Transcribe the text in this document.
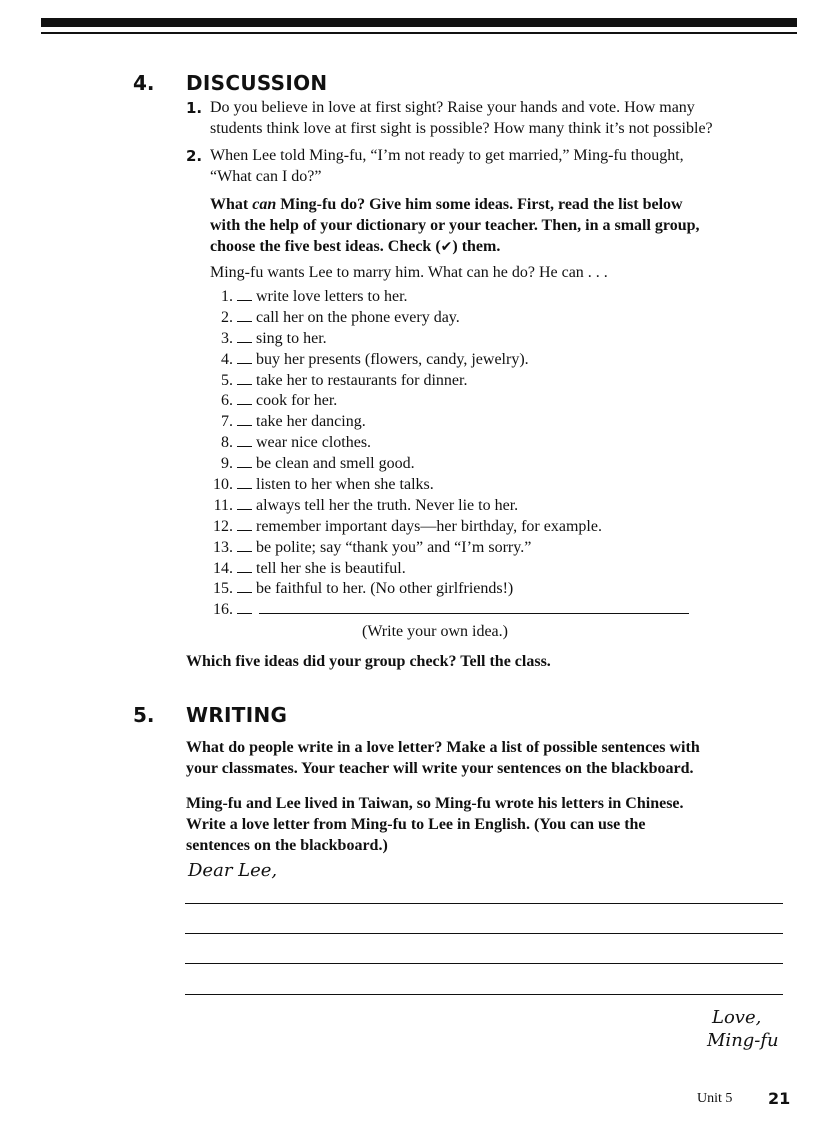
4. DISCUSSION
1. Do you believe in love at first sight? Raise your hands and vote. How many
students think love at first sight is possible? How many think it’s not possible?
2. When Lee told Ming-fu, “I’m not ready to get married,” Ming-fu thought,
“What can I do?”
What can Ming-fu do? Give him some ideas. First, read the list below
with the help of your dictionary or your teacher. Then, in a small group,
choose the five best ideas. Check (✔) them.
Ming-fu wants Lee to marry him. What can he do? He can . . .
1. write love letters to her.
2. call her on the phone every day.
3. sing to her.
4. buy her presents (flowers, candy, jewelry).
5. take her to restaurants for dinner.
6. cook for her.
7. take her dancing.
8. wear nice clothes.
9. be clean and smell good.
10. listen to her when she talks.
11. always tell her the truth. Never lie to her.
12. remember important days—her birthday, for example.
13. be polite; say “thank you” and “I’m sorry.”
14. tell her she is beautiful.
15. be faithful to her. (No other girlfriends!)
16.
(Write your own idea.)
Which five ideas did your group check? Tell the class.
5. WRITING
What do people write in a love letter? Make a list of possible sentences with
your classmates. Your teacher will write your sentences on the blackboard.
Ming-fu and Lee lived in Taiwan, so Ming-fu wrote his letters in Chinese.
Write a love letter from Ming-fu to Lee in English. (You can use the
sentences on the blackboard.)
Dear Lee,
Love,
Ming-fu
Unit 5 21
